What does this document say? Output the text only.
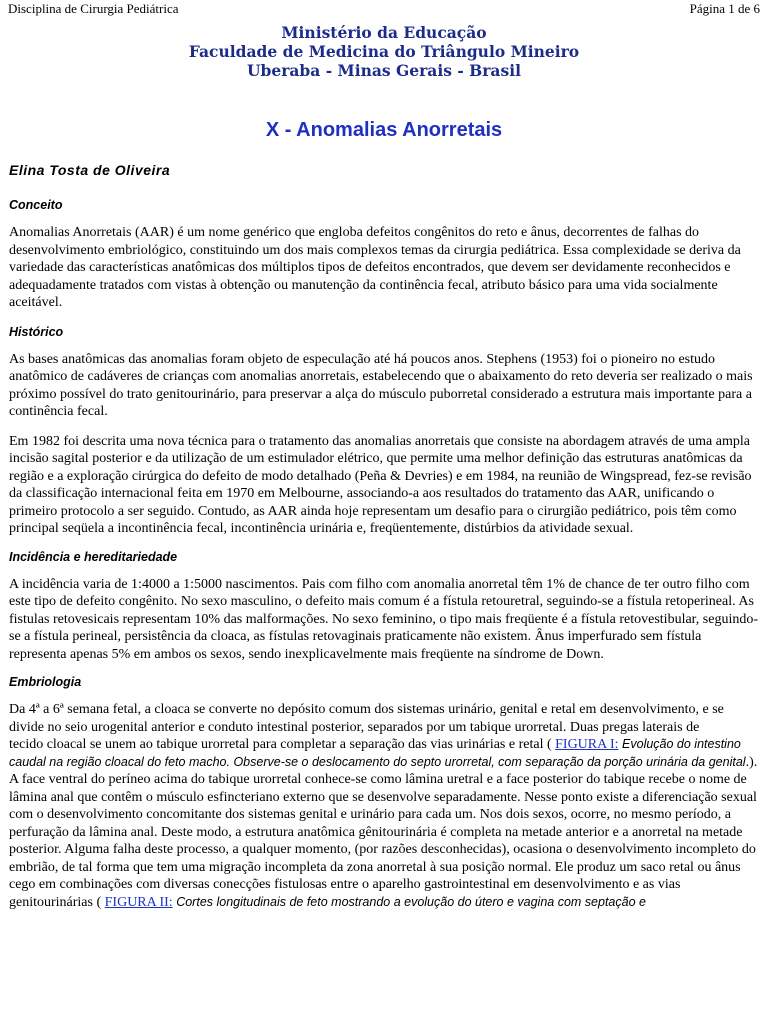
Disciplina de Cirurgia Pediátrica	Página 1 de 6
Ministério da Educação
Faculdade de Medicina do Triângulo Mineiro
Uberaba - Minas Gerais - Brasil
X - Anomalias Anorretais
Elina Tosta de Oliveira
Conceito

Anomalias Anorretais (AAR) é um nome genérico que engloba defeitos congênitos do reto e ânus, decorrentes de falhas do desenvolvimento embriológico, constituindo um dos mais complexos temas da cirurgia pediátrica. Essa complexidade se deriva da variedade das características anatômicas dos múltiplos tipos de defeitos encontrados, que devem ser devidamente reconhecidos e adequadamente tratados com vistas à obtenção ou manutenção da continência fecal, atributo básico para uma vida socialmente aceitável.

Histórico

As bases anatômicas das anomalias foram objeto de especulação até há poucos anos. Stephens (1953) foi o pioneiro no estudo anatômico de cadáveres de crianças com anomalias anorretais, estabelecendo que o abaixamento do reto deveria ser realizado o mais próximo possível do trato genitourinário, para preservar a alça do músculo puborretal considerado a estrutura mais importante para a continência fecal.

Em 1982 foi descrita uma nova técnica para o tratamento das anomalias anorretais que consiste na abordagem através de uma ampla incisão sagital posterior e da utilização de um estimulador elétrico, que permite uma melhor definição das estruturas anatômicas da região e a exploração cirúrgica do defeito de modo detalhado (Peña & Devries) e em 1984, na reunião de Wingspread, fez-se revisão da classificação internacional feita em 1970 em Melbourne, associando-a aos resultados do tratamento das AAR, unificando o primeiro protocolo a ser seguido. Contudo, as AAR ainda hoje representam um desafio para o cirurgião pediátrico, pois têm como principal seqüela a incontinência fecal, incontinência urinária e, freqüentemente, distúrbios da atividade sexual.

Incidência e hereditariedade

A incidência varia de 1:4000 a 1:5000 nascimentos. Pais com filho com anomalia anorretal têm 1% de chance de ter outro filho com este tipo de defeito congênito. No sexo masculino, o defeito mais comum é a fístula retouretral, seguindo-se a fístula retoperineal. As fistulas retovesicais representam 10% das malformações. No sexo feminino, o tipo mais freqüente é a fístula retovestibular, seguindo-se a fístula perineal, persistência da cloaca, as fístulas retovaginais praticamente não existem. Ânus imperfurado sem fístula representa apenas 5% em ambos os sexos, sendo inexplicavelmente mais freqüente na síndrome de Down.

Embriologia

Da 4ª a 6ª semana fetal, a cloaca se converte no depósito comum dos sistemas urinário, genital e retal em desenvolvimento, e se divide no seio urogenital anterior e conduto intestinal posterior, separados por um tabique urorretal. Duas pregas laterais de
tecido cloacal se unem ao tabique urorretal para completar a separação das vias urinárias e retal ( FIGURA I: Evolução do intestino caudal na região cloacal do feto macho. Observe-se o deslocamento do septo urorretal, com separação da porção urinária da genital.). A face ventral do períneo acima do tabique urorretal conhece-se como lâmina uretral e a face posterior do tabique recebe o nome de lâmina anal que contêm o músculo esfincteriano externo que se desenvolve separadamente. Nesse ponto existe a diferenciação sexual com o desenvolvimento concomitante dos sistemas genital e urinário para cada um. Nos dois sexos, ocorre, no mesmo período, a perfuração da lâmina anal. Deste modo, a estrutura anatômica gênitourinária é completa na metade anterior e a anorretal na metade posterior. Alguma falha deste processo, a qualquer momento, (por razões desconhecidas), ocasiona o desenvolvimento incompleto do embrião, de tal forma que tem uma migração incompleta da zona anorretal à sua posição normal. Ele produz um saco retal ou ânus cego em combinações com diversas conecções fistulosas entre o aparelho gastrointestinal em desenvolvimento e as vias genitourinárias ( FIGURA II: Cortes longitudinais de feto mostrando a evolução do útero e vagina com septação e
